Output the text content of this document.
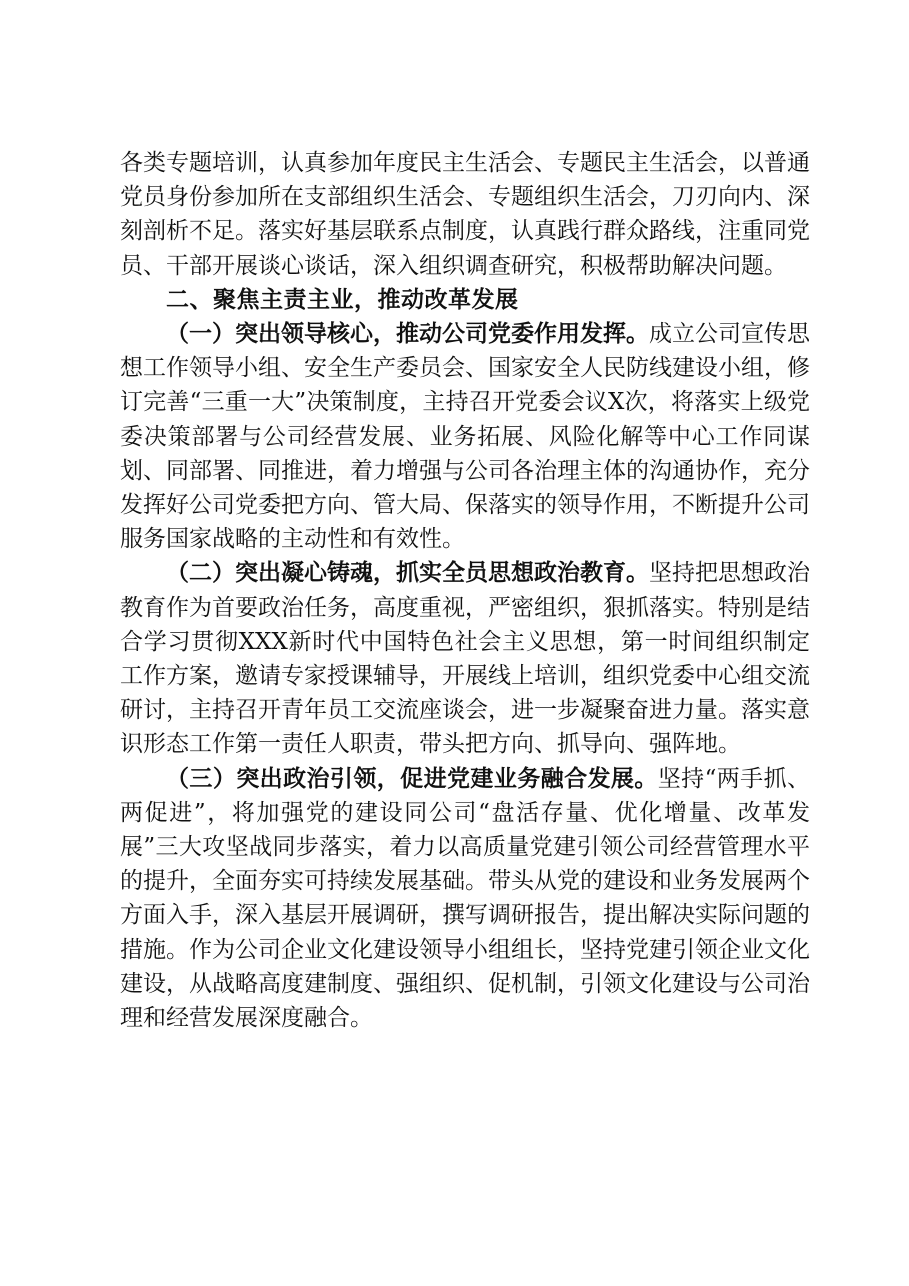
各类专题培训，认真参加年度民主生活会、专题民主生活会，以普通党员身份参加所在支部组织生活会、专题组织生活会，刀刃向内、深刻剖析不足。落实好基层联系点制度，认真践行群众路线，注重同党员、干部开展谈心谈话，深入组织调查研究，积极帮助解决问题。

二、聚焦主责主业，推动改革发展

（一）突出领导核心，推动公司党委作用发挥。成立公司宣传思想工作领导小组、安全生产委员会、国家安全人民防线建设小组，修订完善“三重一大”决策制度，主持召开党委会议X次，将落实上级党委决策部署与公司经营发展、业务拓展、风险化解等中心工作同谋划、同部署、同推进，着力增强与公司各治理主体的沟通协作，充分发挥好公司党委把方向、管大局、保落实的领导作用，不断提升公司服务国家战略的主动性和有效性。

（二）突出凝心铸魂，抓实全员思想政治教育。坚持把思想政治教育作为首要政治任务，高度重视，严密组织，狠抓落实。特别是结合学习贯彻XXX新时代中国特色社会主义思想，第一时间组织制定工作方案，邀请专家授课辅导，开展线上培训，组织党委中心组交流研讨，主持召开青年员工交流座谈会，进一步凝聚奋进力量。落实意识形态工作第一责任人职责，带头把方向、抓导向、强阵地。

（三）突出政治引领，促进党建业务融合发展。坚持“两手抓、两促进”，将加强党的建设同公司“盘活存量、优化增量、改革发展”三大攻坚战同步落实，着力以高质量党建引领公司经营管理水平的提升，全面夯实可持续发展基础。带头从党的建设和业务发展两个方面入手，深入基层开展调研，撰写调研报告，提出解决实际问题的措施。作为公司企业文化建设领导小组组长，坚持党建引领企业文化建设，从战略高度建制度、强组织、促机制，引领文化建设与公司治理和经营发展深度融合。
